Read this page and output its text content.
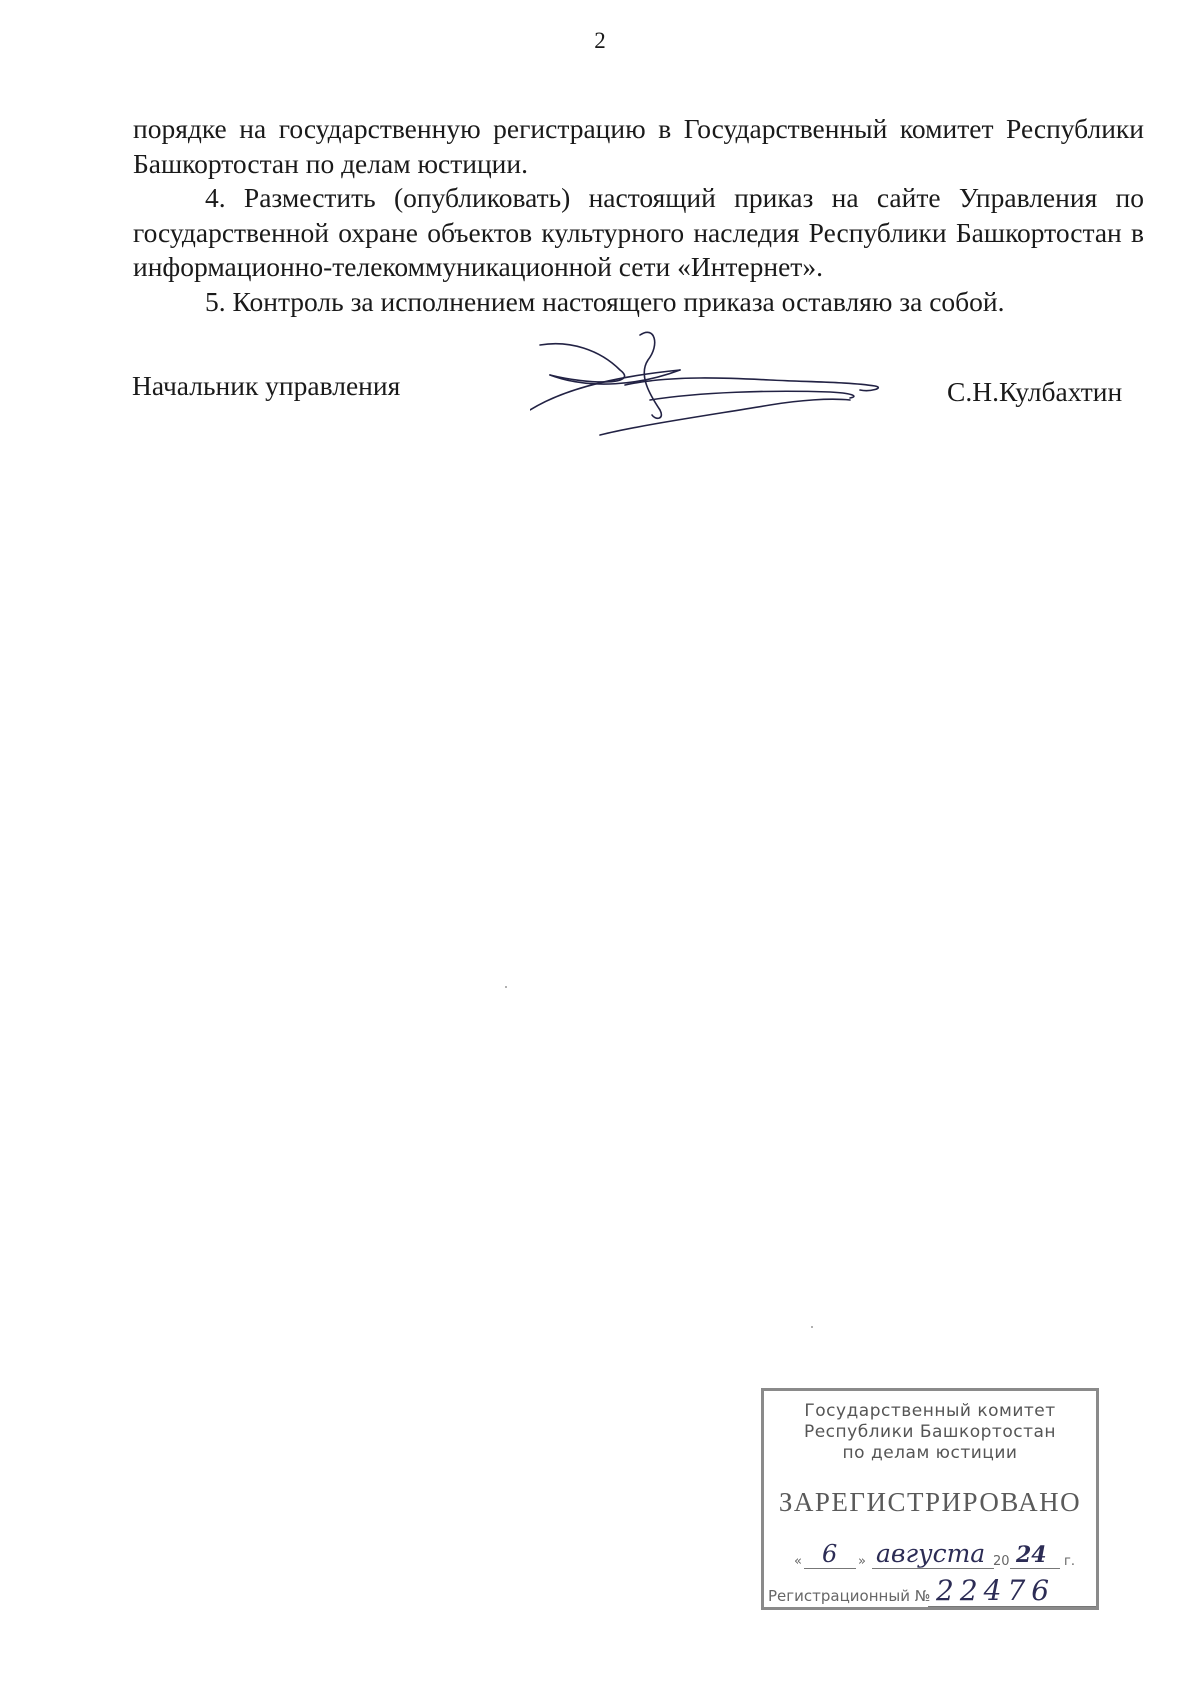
2

порядке на государственную регистрацию в Государственный комитет Республики Башкортостан по делам юстиции.

4. Разместить (опубликовать) настоящий приказ на сайте Управления по государственной охране объектов культурного наследия Республики Башкортостан в информационно-телекоммуникационной сети «Интернет».

5. Контроль за исполнением настоящего приказа оставляю за собой.

Начальник управления	С.Н.Кулбахтин
Государственный комитет
Республики Башкортостан
по делам юстиции
ЗАРЕГИСТРИРОВАНО
« 6 » августа 20 24 г.
Регистрационный № 22476
